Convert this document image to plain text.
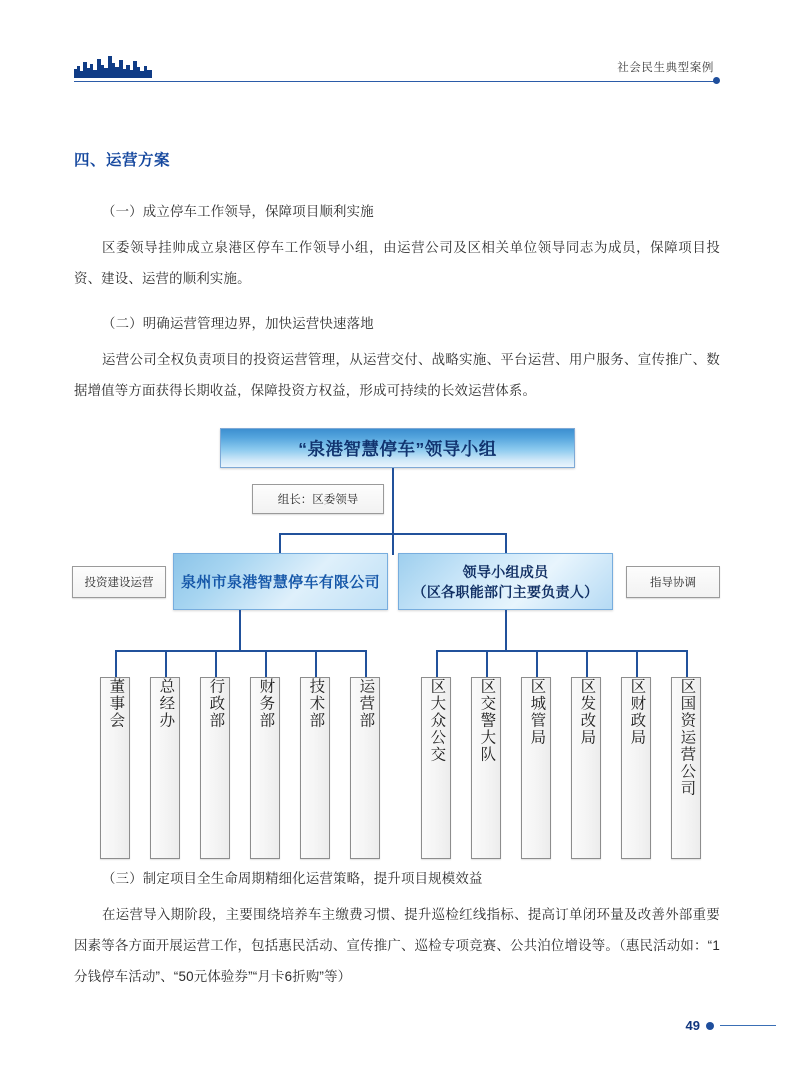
社会民生典型案例
四、运营方案
（一）成立停车工作领导，保障项目顺利实施
区委领导挂帅成立泉港区停车工作领导小组，由运营公司及区相关单位领导同志为成员，保障项目投资、建设、运营的顺利实施。
（二）明确运营管理边界，加快运营快速落地
运营公司全权负责项目的投资运营管理，从运营交付、战略实施、平台运营、用户服务、宣传推广、数据增值等方面获得长期收益，保障投资方权益，形成可持续的长效运营体系。
“泉港智慧停车”领导小组
组长：区委领导
投资建设运营	指导协调
泉州市泉港智慧停车有限公司
领导小组成员
（区各职能部门主要负责人）
董事会 总经办 行政部 财务部 技术部 运营部	区大众公交 区交警大队 区城管局 区发改局 区财政局 区国资运营公司
（三）制定项目全生命周期精细化运营策略，提升项目规模效益
在运营导入期阶段，主要围绕培养车主缴费习惯、提升巡检红线指标、提高订单闭环量及改善外部重要因素等各方面开展运营工作，包括惠民活动、宣传推广、巡检专项竞赛、公共泊位增设等。（惠民活动如：“1分钱停车活动”、“50元体验券”“月卡6折购”等）
49
